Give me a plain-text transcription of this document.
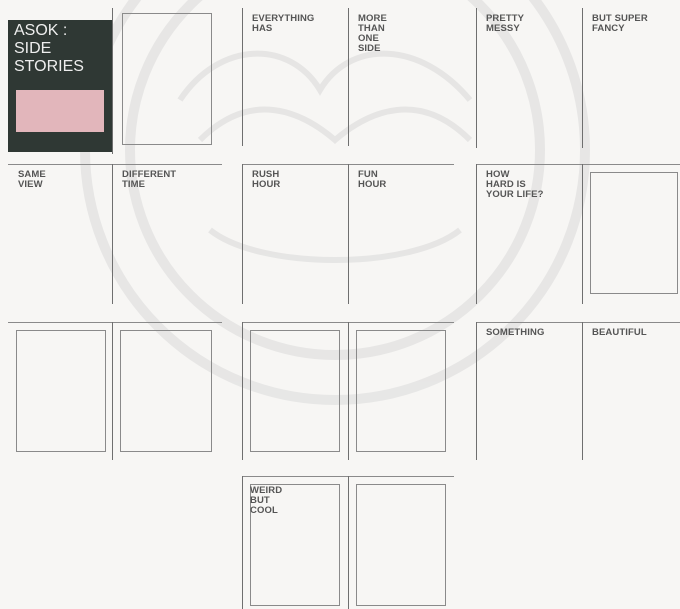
ASOK :
SIDE
STORIES
EVERYTHING
HAS
MORE
THAN
ONE
SIDE
PRETTY
MESSY
BUT SUPER
FANCY
SAME
VIEW
DIFFERENT
TIME
RUSH
HOUR
FUN
HOUR
HOW
HARD IS
YOUR LIFE?
SOMETHING	BEAUTIFUL
WEIRD
BUT
COOL
